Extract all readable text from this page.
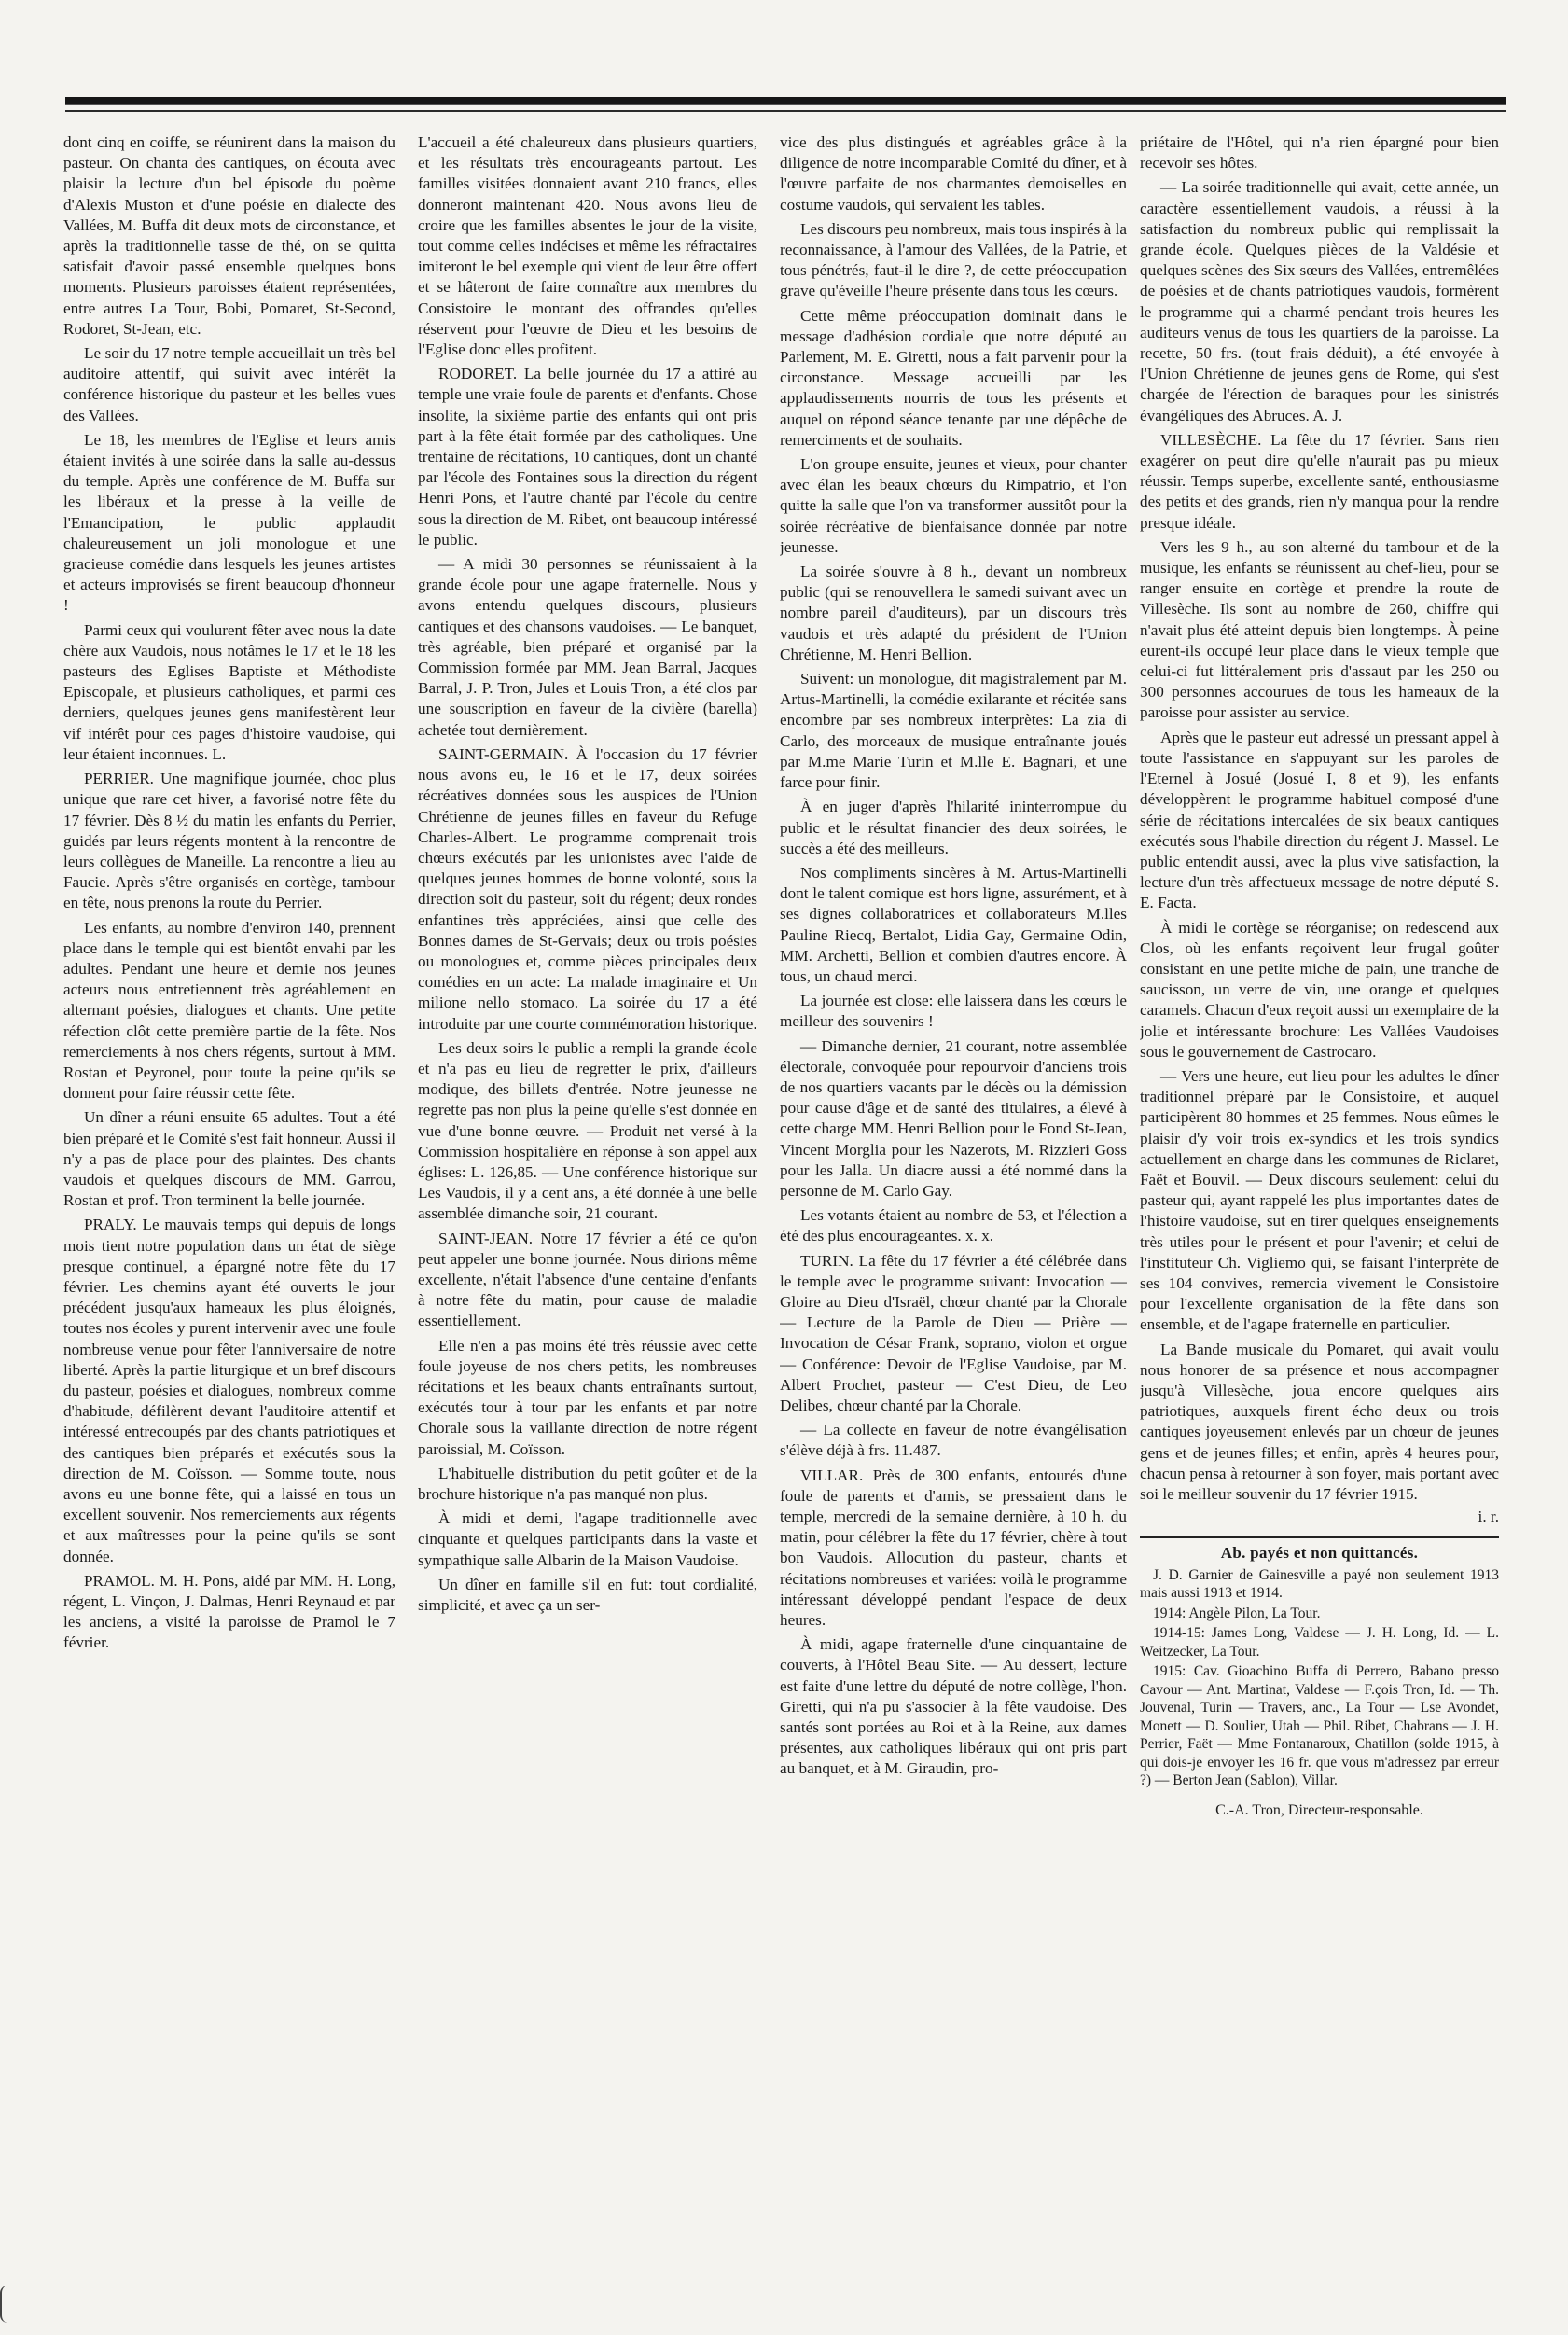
dont cinq en coiffe, se réunirent dans la maison du pasteur. On chanta des cantiques, on écouta avec plaisir la lecture d'un bel épisode du poème d'Alexis Muston et d'une poésie en dialecte des Vallées, M. Buffa dit deux mots de circonstance, et après la traditionnelle tasse de thé, on se quitta satisfait d'avoir passé ensemble quelques bons moments. Plusieurs paroisses étaient représentées, entre autres La Tour, Bobi, Pomaret, St-Second, Rodoret, St-Jean, etc.

Le soir du 17 notre temple accueillait un très bel auditoire attentif, qui suivit avec intérêt la conférence historique du pasteur et les belles vues des Vallées.

Le 18, les membres de l'Eglise et leurs amis étaient invités à une soirée dans la salle au-dessus du temple. Après une conférence de M. Buffa sur les libéraux et la presse à la veille de l'Emancipation, le public applaudit chaleureusement un joli monologue et une gracieuse comédie dans lesquels les jeunes artistes et acteurs improvisés se firent beaucoup d'honneur !

Parmi ceux qui voulurent fêter avec nous la date chère aux Vaudois, nous notâmes le 17 et le 18 les pasteurs des Eglises Baptiste et Méthodiste Episcopale, et plusieurs catholiques, et parmi ces derniers, quelques jeunes gens manifestèrent leur vif intérêt pour ces pages d'histoire vaudoise, qui leur étaient inconnues. L.

PERRIER. Une magnifique journée, choc plus unique que rare cet hiver, a favorisé notre fête du 17 février. Dès 8 ½ du matin les enfants du Perrier, guidés par leurs régents montent à la rencontre de leurs collègues de Maneille. La rencontre a lieu au Faucie. Après s'être organisés en cortège, tambour en tête, nous prenons la route du Perrier.

Les enfants, au nombre d'environ 140, prennent place dans le temple qui est bientôt envahi par les adultes. Pendant une heure et demie nos jeunes acteurs nous entretiennent très agréablement en alternant poésies, dialogues et chants. Une petite réfection clôt cette première partie de la fête. Nos remerciements à nos chers régents, surtout à MM. Rostan et Peyronel, pour toute la peine qu'ils se donnent pour faire réussir cette fête.

Un dîner a réuni ensuite 65 adultes. Tout a été bien préparé et le Comité s'est fait honneur. Aussi il n'y a pas de place pour des plaintes. Des chants vaudois et quelques discours de MM. Garrou, Rostan et prof. Tron terminent la belle journée.

PRALY. Le mauvais temps qui depuis de longs mois tient notre population dans un état de siège presque continuel, a épargné notre fête du 17 février. Les chemins ayant été ouverts le jour précédent jusqu'aux hameaux les plus éloignés, toutes nos écoles y purent intervenir avec une foule nombreuse venue pour fêter l'anniversaire de notre liberté. Après la partie liturgique et un bref discours du pasteur, poésies et dialogues, nombreux comme d'habitude, défilèrent devant l'auditoire attentif et intéressé entrecoupés par des chants patriotiques et des cantiques bien préparés et exécutés sous la direction de M. Coïsson. — Somme toute, nous avons eu une bonne fête, qui a laissé en tous un excellent souvenir. Nos remerciements aux régents et aux maîtresses pour la peine qu'ils se sont donnée.

PRAMOL. M. H. Pons, aidé par MM. H. Long, régent, L. Vinçon, J. Dalmas, Henri Reynaud et par les anciens, a visité la paroisse de Pramol le 7 février.

L'accueil a été chaleureux dans plusieurs quartiers, et les résultats très encourageants partout. Les familles visitées donnaient avant 210 francs, elles donneront maintenant 420. Nous avons lieu de croire que les familles absentes le jour de la visite, tout comme celles indécises et même les réfractaires imiteront le bel exemple qui vient de leur être offert et se hâteront de faire connaître aux membres du Consistoire le montant des offrandes qu'elles réservent pour l'œuvre de Dieu et les besoins de l'Eglise donc elles profitent.

RODORET. La belle journée du 17 a attiré au temple une vraie foule de parents et d'enfants. Chose insolite, la sixième partie des enfants qui ont pris part à la fête était formée par des catholiques. Une trentaine de récitations, 10 cantiques, dont un chanté par l'école des Fontaines sous la direction du régent Henri Pons, et l'autre chanté par l'école du centre sous la direction de M. Ribet, ont beaucoup intéressé le public.

— A midi 30 personnes se réunissaient à la grande école pour une agape fraternelle. Nous y avons entendu quelques discours, plusieurs cantiques et des chansons vaudoises. — Le banquet, très agréable, bien préparé et organisé par la Commission formée par MM. Jean Barral, Jacques Barral, J. P. Tron, Jules et Louis Tron, a été clos par une souscription en faveur de la civière (barella) achetée tout dernièrement.

SAINT-GERMAIN. À l'occasion du 17 février nous avons eu, le 16 et le 17, deux soirées récréatives données sous les auspices de l'Union Chrétienne de jeunes filles en faveur du Refuge Charles-Albert. Le programme comprenait trois chœurs exécutés par les unionistes avec l'aide de quelques jeunes hommes de bonne volonté, sous la direction soit du pasteur, soit du régent; deux rondes enfantines très appréciées, ainsi que celle des Bonnes dames de St-Gervais; deux ou trois poésies ou monologues et, comme pièces principales deux comédies en un acte: La malade imaginaire et Un milione nello stomaco. La soirée du 17 a été introduite par une courte commémoration historique.

Les deux soirs le public a rempli la grande école et n'a pas eu lieu de regretter le prix, d'ailleurs modique, des billets d'entrée. Notre jeunesse ne regrette pas non plus la peine qu'elle s'est donnée en vue d'une bonne œuvre. — Produit net versé à la Commission hospitalière en réponse à son appel aux églises: L. 126,85. — Une conférence historique sur Les Vaudois, il y a cent ans, a été donnée à une belle assemblée dimanche soir, 21 courant.

SAINT-JEAN. Notre 17 février a été ce qu'on peut appeler une bonne journée. Nous dirions même excellente, n'était l'absence d'une centaine d'enfants à notre fête du matin, pour cause de maladie essentiellement.

Elle n'en a pas moins été très réussie avec cette foule joyeuse de nos chers petits, les nombreuses récitations et les beaux chants entraînants surtout, exécutés tour à tour par les enfants et par notre Chorale sous la vaillante direction de notre régent paroissial, M. Coïsson.

L'habituelle distribution du petit goûter et de la brochure historique n'a pas manqué non plus.

À midi et demi, l'agape traditionnelle avec cinquante et quelques participants dans la vaste et sympathique salle Albarin de la Maison Vaudoise.

Un dîner en famille s'il en fut: tout cordialité, simplicité, et avec ça un ser-

vice des plus distingués et agréables grâce à la diligence de notre incomparable Comité du dîner, et à l'œuvre parfaite de nos charmantes demoiselles en costume vaudois, qui servaient les tables.

Les discours peu nombreux, mais tous inspirés à la reconnaissance, à l'amour des Vallées, de la Patrie, et tous pénétrés, faut-il le dire ?, de cette préoccupation grave qu'éveille l'heure présente dans tous les cœurs.

Cette même préoccupation dominait dans le message d'adhésion cordiale que notre député au Parlement, M. E. Giretti, nous a fait parvenir pour la circonstance. Message accueilli par les applaudissements nourris de tous les présents et auquel on répond séance tenante par une dépêche de remerciments et de souhaits.

L'on groupe ensuite, jeunes et vieux, pour chanter avec élan les beaux chœurs du Rimpatrio, et l'on quitte la salle que l'on va transformer aussitôt pour la soirée récréative de bienfaisance donnée par notre jeunesse.

La soirée s'ouvre à 8 h., devant un nombreux public (qui se renouvellera le samedi suivant avec un nombre pareil d'auditeurs), par un discours très vaudois et très adapté du président de l'Union Chrétienne, M. Henri Bellion.

Suivent: un monologue, dit magistralement par M. Artus-Martinelli, la comédie exilarante et récitée sans encombre par ses nombreux interprètes: La zia di Carlo, des morceaux de musique entraînante joués par M.me Marie Turin et M.lle E. Bagnari, et une farce pour finir.

À en juger d'après l'hilarité ininterrompue du public et le résultat financier des deux soirées, le succès a été des meilleurs.

Nos compliments sincères à M. Artus-Martinelli dont le talent comique est hors ligne, assurément, et à ses dignes collaboratrices et collaborateurs M.lles Pauline Riecq, Bertalot, Lidia Gay, Germaine Odin, MM. Archetti, Bellion et combien d'autres encore. À tous, un chaud merci.

La journée est close: elle laissera dans les cœurs le meilleur des souvenirs !

— Dimanche dernier, 21 courant, notre assemblée électorale, convoquée pour repourvoir d'anciens trois de nos quartiers vacants par le décès ou la démission pour cause d'âge et de santé des titulaires, a élevé à cette charge MM. Henri Bellion pour le Fond St-Jean, Vincent Morglia pour les Nazerots, M. Rizzieri Goss pour les Jalla. Un diacre aussi a été nommé dans la personne de M. Carlo Gay.

Les votants étaient au nombre de 53, et l'élection a été des plus encourageantes. x. x.

TURIN. La fête du 17 février a été célébrée dans le temple avec le programme suivant: Invocation — Gloire au Dieu d'Israël, chœur chanté par la Chorale — Lecture de la Parole de Dieu — Prière — Invocation de César Frank, soprano, violon et orgue — Conférence: Devoir de l'Eglise Vaudoise, par M. Albert Prochet, pasteur — C'est Dieu, de Leo Delibes, chœur chanté par la Chorale.

— La collecte en faveur de notre évangélisation s'élève déjà à frs. 11.487.

VILLAR. Près de 300 enfants, entourés d'une foule de parents et d'amis, se pressaient dans le temple, mercredi de la semaine dernière, à 10 h. du matin, pour célébrer la fête du 17 février, chère à tout bon Vaudois. Allocution du pasteur, chants et récitations nombreuses et variées: voilà le programme intéressant développé pendant l'espace de deux heures.

À midi, agape fraternelle d'une cinquantaine de couverts, à l'Hôtel Beau Site. — Au dessert, lecture est faite d'une lettre du député de notre collège, l'hon. Giretti, qui n'a pu s'associer à la fête vaudoise. Des santés sont portées au Roi et à la Reine, aux dames présentes, aux catholiques libéraux qui ont pris part au banquet, et à M. Giraudin, pro-

priétaire de l'Hôtel, qui n'a rien épargné pour bien recevoir ses hôtes.

— La soirée traditionnelle qui avait, cette année, un caractère essentiellement vaudois, a réussi à la satisfaction du nombreux public qui remplissait la grande école. Quelques pièces de la Valdésie et quelques scènes des Six sœurs des Vallées, entremêlées de poésies et de chants patriotiques vaudois, formèrent le programme qui a charmé pendant trois heures les auditeurs venus de tous les quartiers de la paroisse. La recette, 50 frs. (tout frais déduit), a été envoyée à l'Union Chrétienne de jeunes gens de Rome, qui s'est chargée de l'érection de baraques pour les sinistrés évangéliques des Abruces. A. J.

VILLESÈCHE. La fête du 17 février. Sans rien exagérer on peut dire qu'elle n'aurait pas pu mieux réussir. Temps superbe, excellente santé, enthousiasme des petits et des grands, rien n'y manqua pour la rendre presque idéale.

Vers les 9 h., au son alterné du tambour et de la musique, les enfants se réunissent au chef-lieu, pour se ranger ensuite en cortège et prendre la route de Villesèche. Ils sont au nombre de 260, chiffre qui n'avait plus été atteint depuis bien longtemps. À peine eurent-ils occupé leur place dans le vieux temple que celui-ci fut littéralement pris d'assaut par les 250 ou 300 personnes accourues de tous les hameaux de la paroisse pour assister au service.

Après que le pasteur eut adressé un pressant appel à toute l'assistance en s'appuyant sur les paroles de l'Eternel à Josué (Josué I, 8 et 9), les enfants développèrent le programme habituel composé d'une série de récitations intercalées de six beaux cantiques exécutés sous l'habile direction du régent J. Massel. Le public entendit aussi, avec la plus vive satisfaction, la lecture d'un très affectueux message de notre député S. E. Facta.

À midi le cortège se réorganise; on redescend aux Clos, où les enfants reçoivent leur frugal goûter consistant en une petite miche de pain, une tranche de saucisson, un verre de vin, une orange et quelques caramels. Chacun d'eux reçoit aussi un exemplaire de la jolie et intéressante brochure: Les Vallées Vaudoises sous le gouvernement de Castrocaro.

— Vers une heure, eut lieu pour les adultes le dîner traditionnel préparé par le Consistoire, et auquel participèrent 80 hommes et 25 femmes. Nous eûmes le plaisir d'y voir trois ex-syndics et les trois syndics actuellement en charge dans les communes de Riclaret, Faët et Bouvil. — Deux discours seulement: celui du pasteur qui, ayant rappelé les plus importantes dates de l'histoire vaudoise, sut en tirer quelques enseignements très utiles pour le présent et pour l'avenir; et celui de l'instituteur Ch. Vigliemo qui, se faisant l'interprète de ses 104 convives, remercia vivement le Consistoire pour l'excellente organisation de la fête dans son ensemble, et de l'agape fraternelle en particulier.

La Bande musicale du Pomaret, qui avait voulu nous honorer de sa présence et nous accompagner jusqu'à Villesèche, joua encore quelques airs patriotiques, auxquels firent écho deux ou trois cantiques joyeusement enlevés par un chœur de jeunes gens et de jeunes filles; et enfin, après 4 heures pour, chacun pensa à retourner à son foyer, mais portant avec soi le meilleur souvenir du 17 février 1915.

i. r.

Ab. payés et non quittancés.

J. D. Garnier de Gainesville a payé non seulement 1913 mais aussi 1913 et 1914.

1914: Angèle Pilon, La Tour.

1914-15: James Long, Valdese — J. H. Long, Id. — L. Weitzecker, La Tour.

1915: Cav. Gioachino Buffa di Perrero, Babano presso Cavour — Ant. Martinat, Valdese — F.çois Tron, Id. — Th. Jouvenal, Turin — Travers, anc., La Tour — Lse Avondet, Monett — D. Soulier, Utah — Phil. Ribet, Chabrans — J. H. Perrier, Faët — Mme Fontanaroux, Chatillon (solde 1915, à qui dois-je envoyer les 16 fr. que vous m'adressez par erreur ?) — Berton Jean (Sablon), Villar.

C.-A. Tron, Directeur-responsable.
